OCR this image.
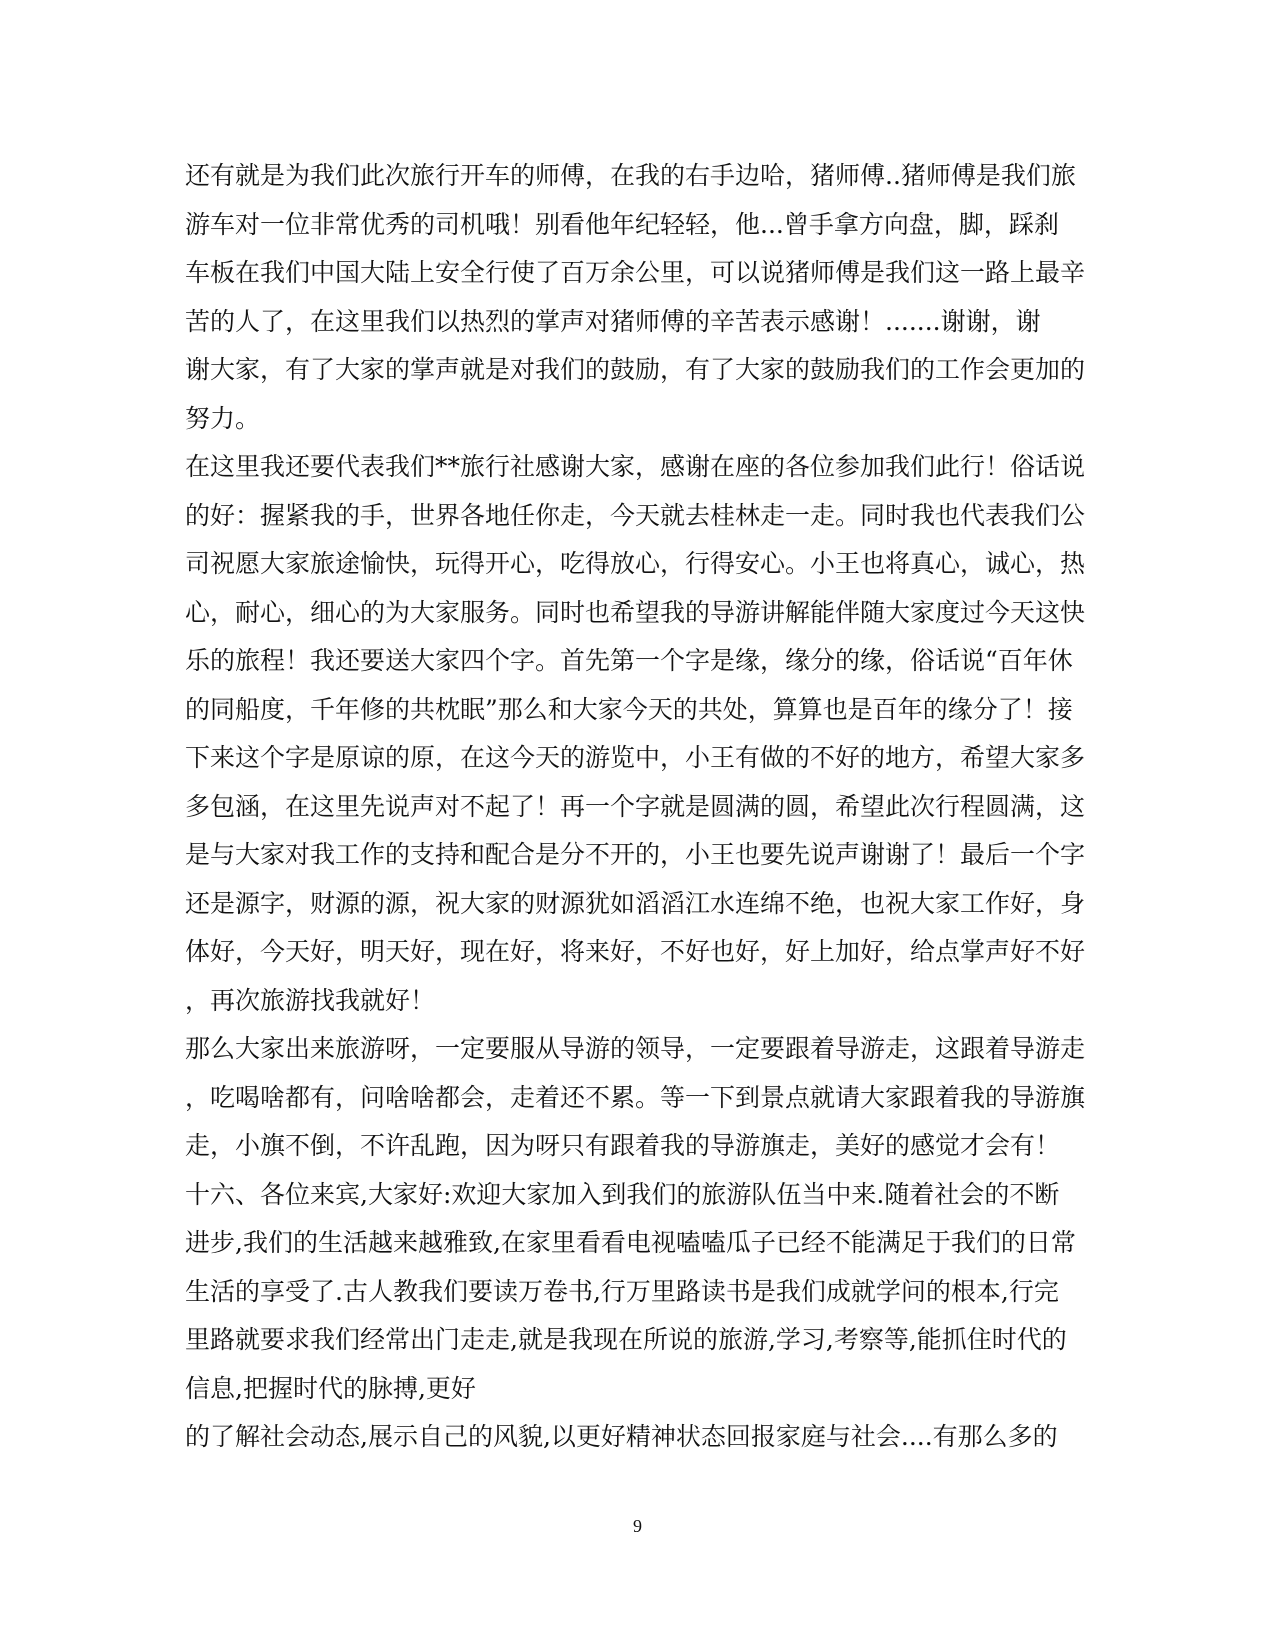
还有就是为我们此次旅行开车的师傅，在我的右手边哈，猪师傅..猪师傅是我们旅
游车对一位非常优秀的司机哦！别看他年纪轻轻，他...曾手拿方向盘，脚，踩刹
车板在我们中国大陆上安全行使了百万余公里，可以说猪师傅是我们这一路上最辛
苦的人了，在这里我们以热烈的掌声对猪师傅的辛苦表示感谢！.......谢谢，谢
谢大家，有了大家的掌声就是对我们的鼓励，有了大家的鼓励我们的工作会更加的
努力。
在这里我还要代表我们**旅行社感谢大家，感谢在座的各位参加我们此行！俗话说
的好：握紧我的手，世界各地任你走，今天就去桂林走一走。同时我也代表我们公
司祝愿大家旅途愉快，玩得开心，吃得放心，行得安心。小王也将真心，诚心，热
心，耐心，细心的为大家服务。同时也希望我的导游讲解能伴随大家度过今天这快
乐的旅程！我还要送大家四个字。首先第一个字是缘，缘分的缘，俗话说“百年休
的同船度，千年修的共枕眠”那么和大家今天的共处，算算也是百年的缘分了！接
下来这个字是原谅的原，在这今天的游览中，小王有做的不好的地方，希望大家多
多包涵，在这里先说声对不起了！再一个字就是圆满的圆，希望此次行程圆满，这
是与大家对我工作的支持和配合是分不开的，小王也要先说声谢谢了！最后一个字
还是源字，财源的源，祝大家的财源犹如滔滔江水连绵不绝，也祝大家工作好，身
体好，今天好，明天好，现在好，将来好，不好也好，好上加好，给点掌声好不好
，再次旅游找我就好！
那么大家出来旅游呀，一定要服从导游的领导，一定要跟着导游走，这跟着导游走
，吃喝啥都有，问啥啥都会，走着还不累。等一下到景点就请大家跟着我的导游旗
走，小旗不倒，不许乱跑，因为呀只有跟着我的导游旗走，美好的感觉才会有！
十六、各位来宾,大家好:欢迎大家加入到我们的旅游队伍当中来.随着社会的不断
进步,我们的生活越来越雅致,在家里看看电视嗑嗑瓜子已经不能满足于我们的日常
生活的享受了.古人教我们要读万卷书,行万里路读书是我们成就学问的根本,行完
里路就要求我们经常出门走走,就是我现在所说的旅游,学习,考察等,能抓住时代的
信息,把握时代的脉搏,更好
的了解社会动态,展示自己的风貌,以更好精神状态回报家庭与社会....有那么多的
9
